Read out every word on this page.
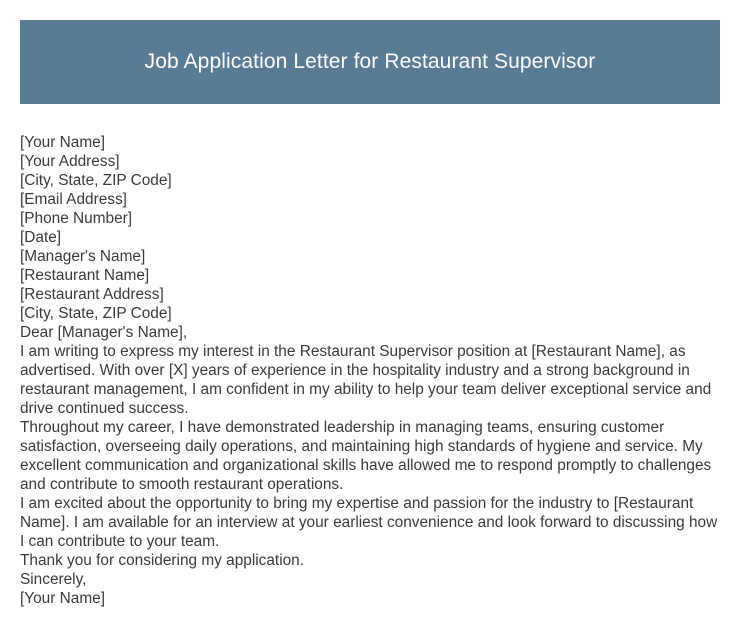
Job Application Letter for Restaurant Supervisor
[Your Name]
[Your Address]
[City, State, ZIP Code]
[Email Address]
[Phone Number]
[Date]
[Manager's Name]
[Restaurant Name]
[Restaurant Address]
[City, State, ZIP Code]
Dear [Manager's Name],

I am writing to express my interest in the Restaurant Supervisor position at [Restaurant Name], as advertised. With over [X] years of experience in the hospitality industry and a strong background in restaurant management, I am confident in my ability to help your team deliver exceptional service and drive continued success.

Throughout my career, I have demonstrated leadership in managing teams, ensuring customer satisfaction, overseeing daily operations, and maintaining high standards of hygiene and service. My excellent communication and organizational skills have allowed me to respond promptly to challenges and contribute to smooth restaurant operations.

I am excited about the opportunity to bring my expertise and passion for the industry to [Restaurant Name]. I am available for an interview at your earliest convenience and look forward to discussing how I can contribute to your team.

Thank you for considering my application.

Sincerely,
[Your Name]
